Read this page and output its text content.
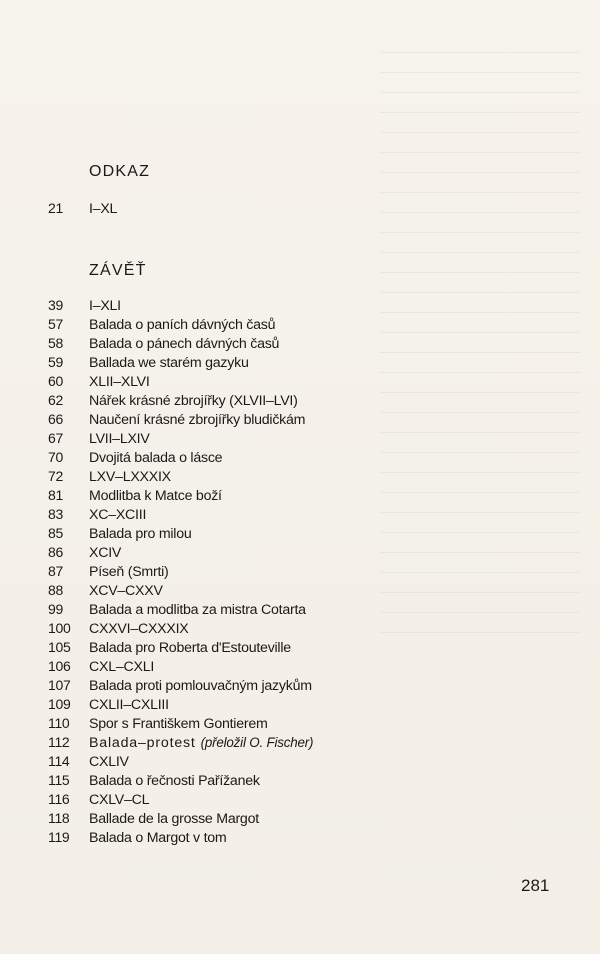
ODKAZ
21	I–XL
ZÁVĚŤ
39	I–XLI
57	Balada o paních dávných časů
58	Balada o pánech dávných časů
59	Ballada we starém gazyku
60	XLII–XLVI
62	Nářek krásné zbrojířky (XLVII–LVI)
66	Naučení krásné zbrojířky bludičkám
67	LVII–LXIV
70	Dvojitá balada o lásce
72	LXV–LXXXIX
81	Modlitba k Matce boží
83	XC–XCIII
85	Balada pro milou
86	XCIV
87	Píseň (Smrti)
88	XCV–CXXV
99	Balada a modlitba za mistra Cotarta
100	CXXVI–CXXXIX
105	Balada pro Roberta d'Estouteville
106	CXL–CXLI
107	Balada proti pomlouvačným jazykům
109	CXLII–CXLIII
110	Spor s Františkem Gontierem
112	Balada–protest (přeložil O. Fischer)
114	CXLIV
115	Balada o řečnosti Pařížanek
116	CXLV–CL
118	Ballade de la grosse Margot
119	Balada o Margot v tom
281
